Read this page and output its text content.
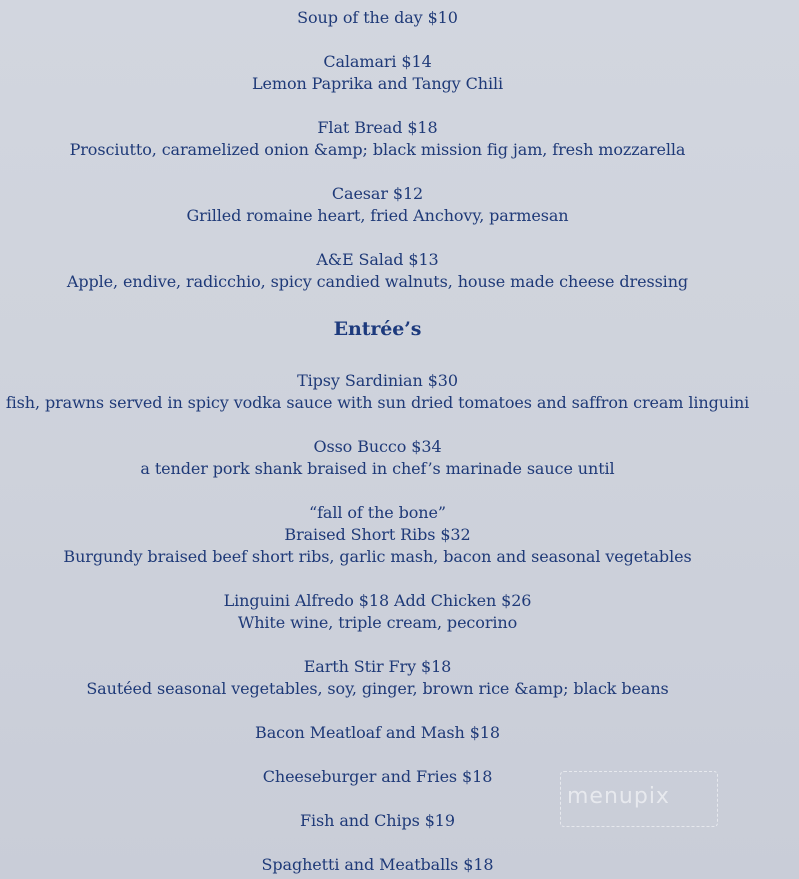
Soup of the day $10
Calamari $14
Lemon Paprika and Tangy Chili
Flat Bread $18
Prosciutto, caramelized onion &amp; black mission fig jam, fresh mozzarella
Caesar $12
Grilled romaine heart, fried Anchovy, parmesan
A&E Salad $13
Apple, endive, radicchio, spicy candied walnuts, house made cheese dressing
Entrée’s
Tipsy Sardinian $30
fish, prawns served in spicy vodka sauce with sun dried tomatoes and saffron cream linguini
Osso Bucco $34
a tender pork shank braised in chef’s marinade sauce until
“fall of the bone”
Braised Short Ribs $32
Burgundy braised beef short ribs, garlic mash, bacon and seasonal vegetables
Linguini Alfredo $18 Add Chicken $26
White wine, triple cream, pecorino
Earth Stir Fry $18
Sautéed seasonal vegetables, soy, ginger, brown rice &amp; black beans
Bacon Meatloaf and Mash $18
Cheeseburger and Fries $18
Fish and Chips $19
Spaghetti and Meatballs $18
menupix
